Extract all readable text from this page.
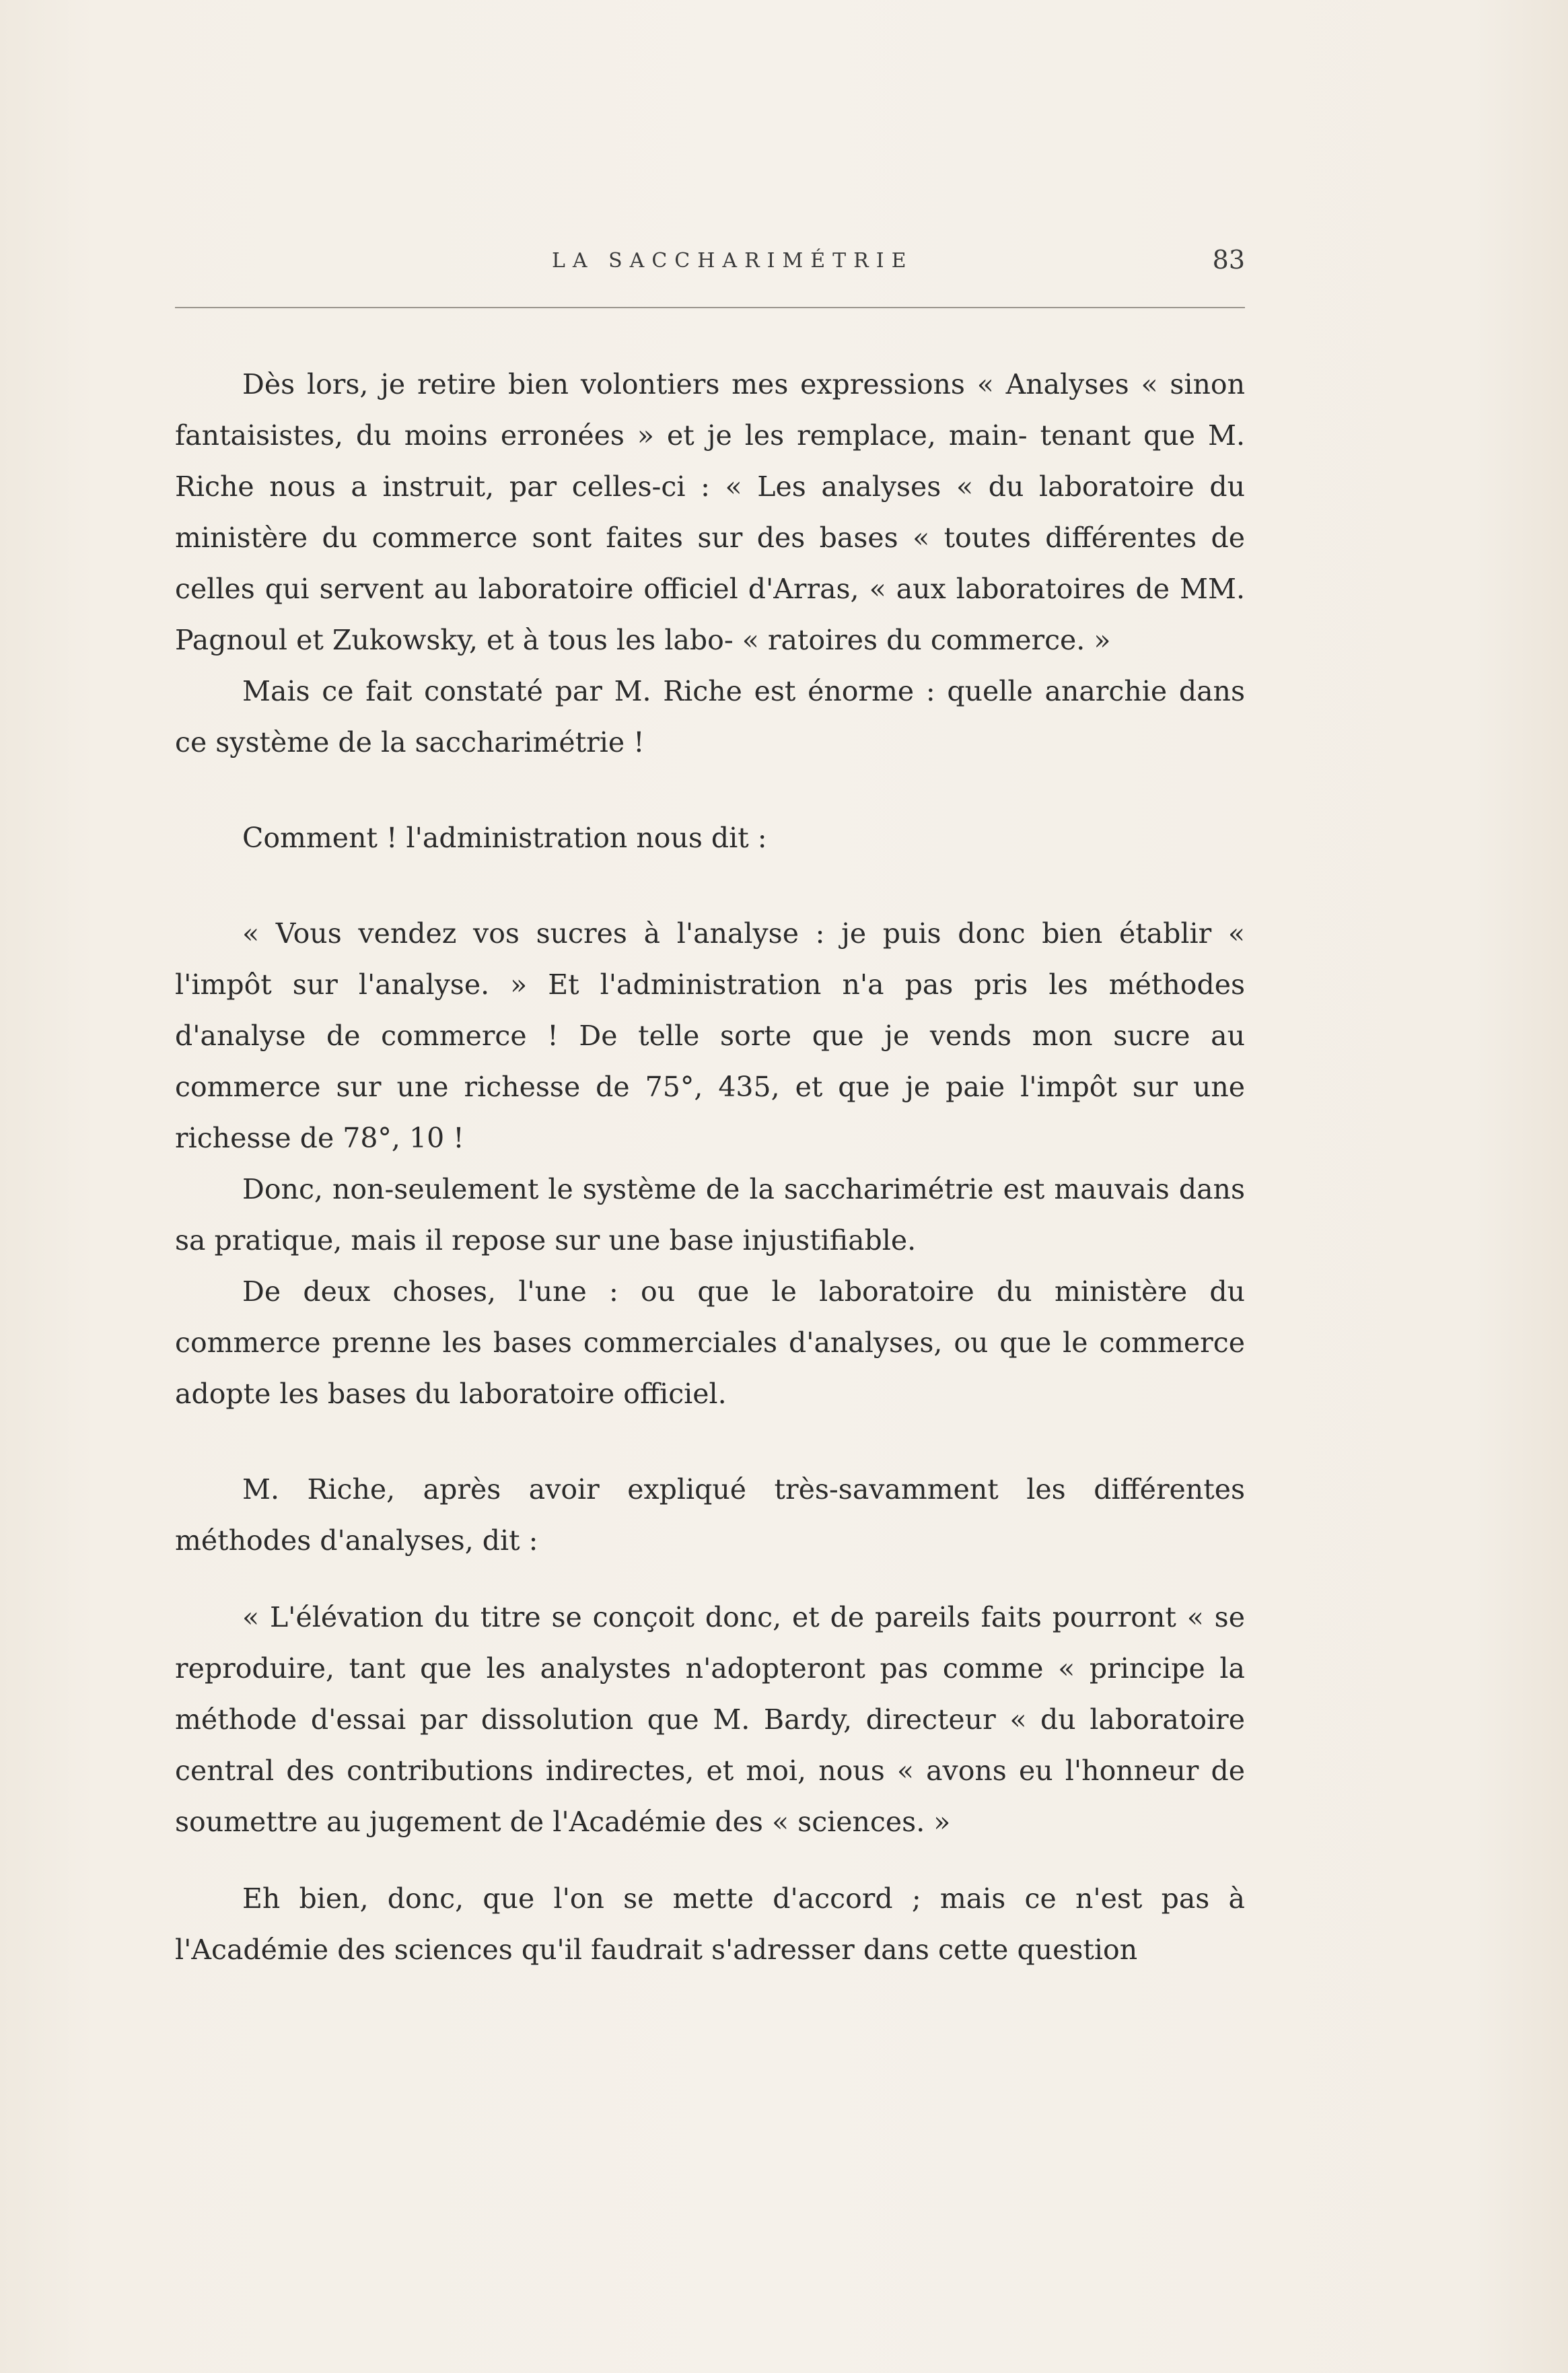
LA SACCHARIMÉTRIE	83

Dès lors, je retire bien volontiers mes expressions « Analyses « sinon fantaisistes, du moins erronées » et je les remplace, main- tenant que M. Riche nous a instruit, par celles-ci : « Les analyses « du laboratoire du ministère du commerce sont faites sur des bases « toutes différentes de celles qui servent au laboratoire officiel d'Arras, « aux laboratoires de MM. Pagnoul et Zukowsky, et à tous les labo- « ratoires du commerce. »

Mais ce fait constaté par M. Riche est énorme : quelle anarchie dans ce système de la saccharimétrie !

Comment ! l'administration nous dit :

« Vous vendez vos sucres à l'analyse : je puis donc bien établir « l'impôt sur l'analyse. » Et l'administration n'a pas pris les méthodes d'analyse de commerce ! De telle sorte que je vends mon sucre au commerce sur une richesse de 75°, 435, et que je paie l'impôt sur une richesse de 78°, 10 !

Donc, non-seulement le système de la saccharimétrie est mauvais dans sa pratique, mais il repose sur une base injustifiable.

De deux choses, l'une : ou que le laboratoire du ministère du commerce prenne les bases commerciales d'analyses, ou que le commerce adopte les bases du laboratoire officiel.

M. Riche, après avoir expliqué très-savamment les différentes méthodes d'analyses, dit :

« L'élévation du titre se conçoit donc, et de pareils faits pourront « se reproduire, tant que les analystes n'adopteront pas comme « principe la méthode d'essai par dissolution que M. Bardy, directeur « du laboratoire central des contributions indirectes, et moi, nous « avons eu l'honneur de soumettre au jugement de l'Académie des « sciences. »

Eh bien, donc, que l'on se mette d'accord ; mais ce n'est pas à l'Académie des sciences qu'il faudrait s'adresser dans cette question
